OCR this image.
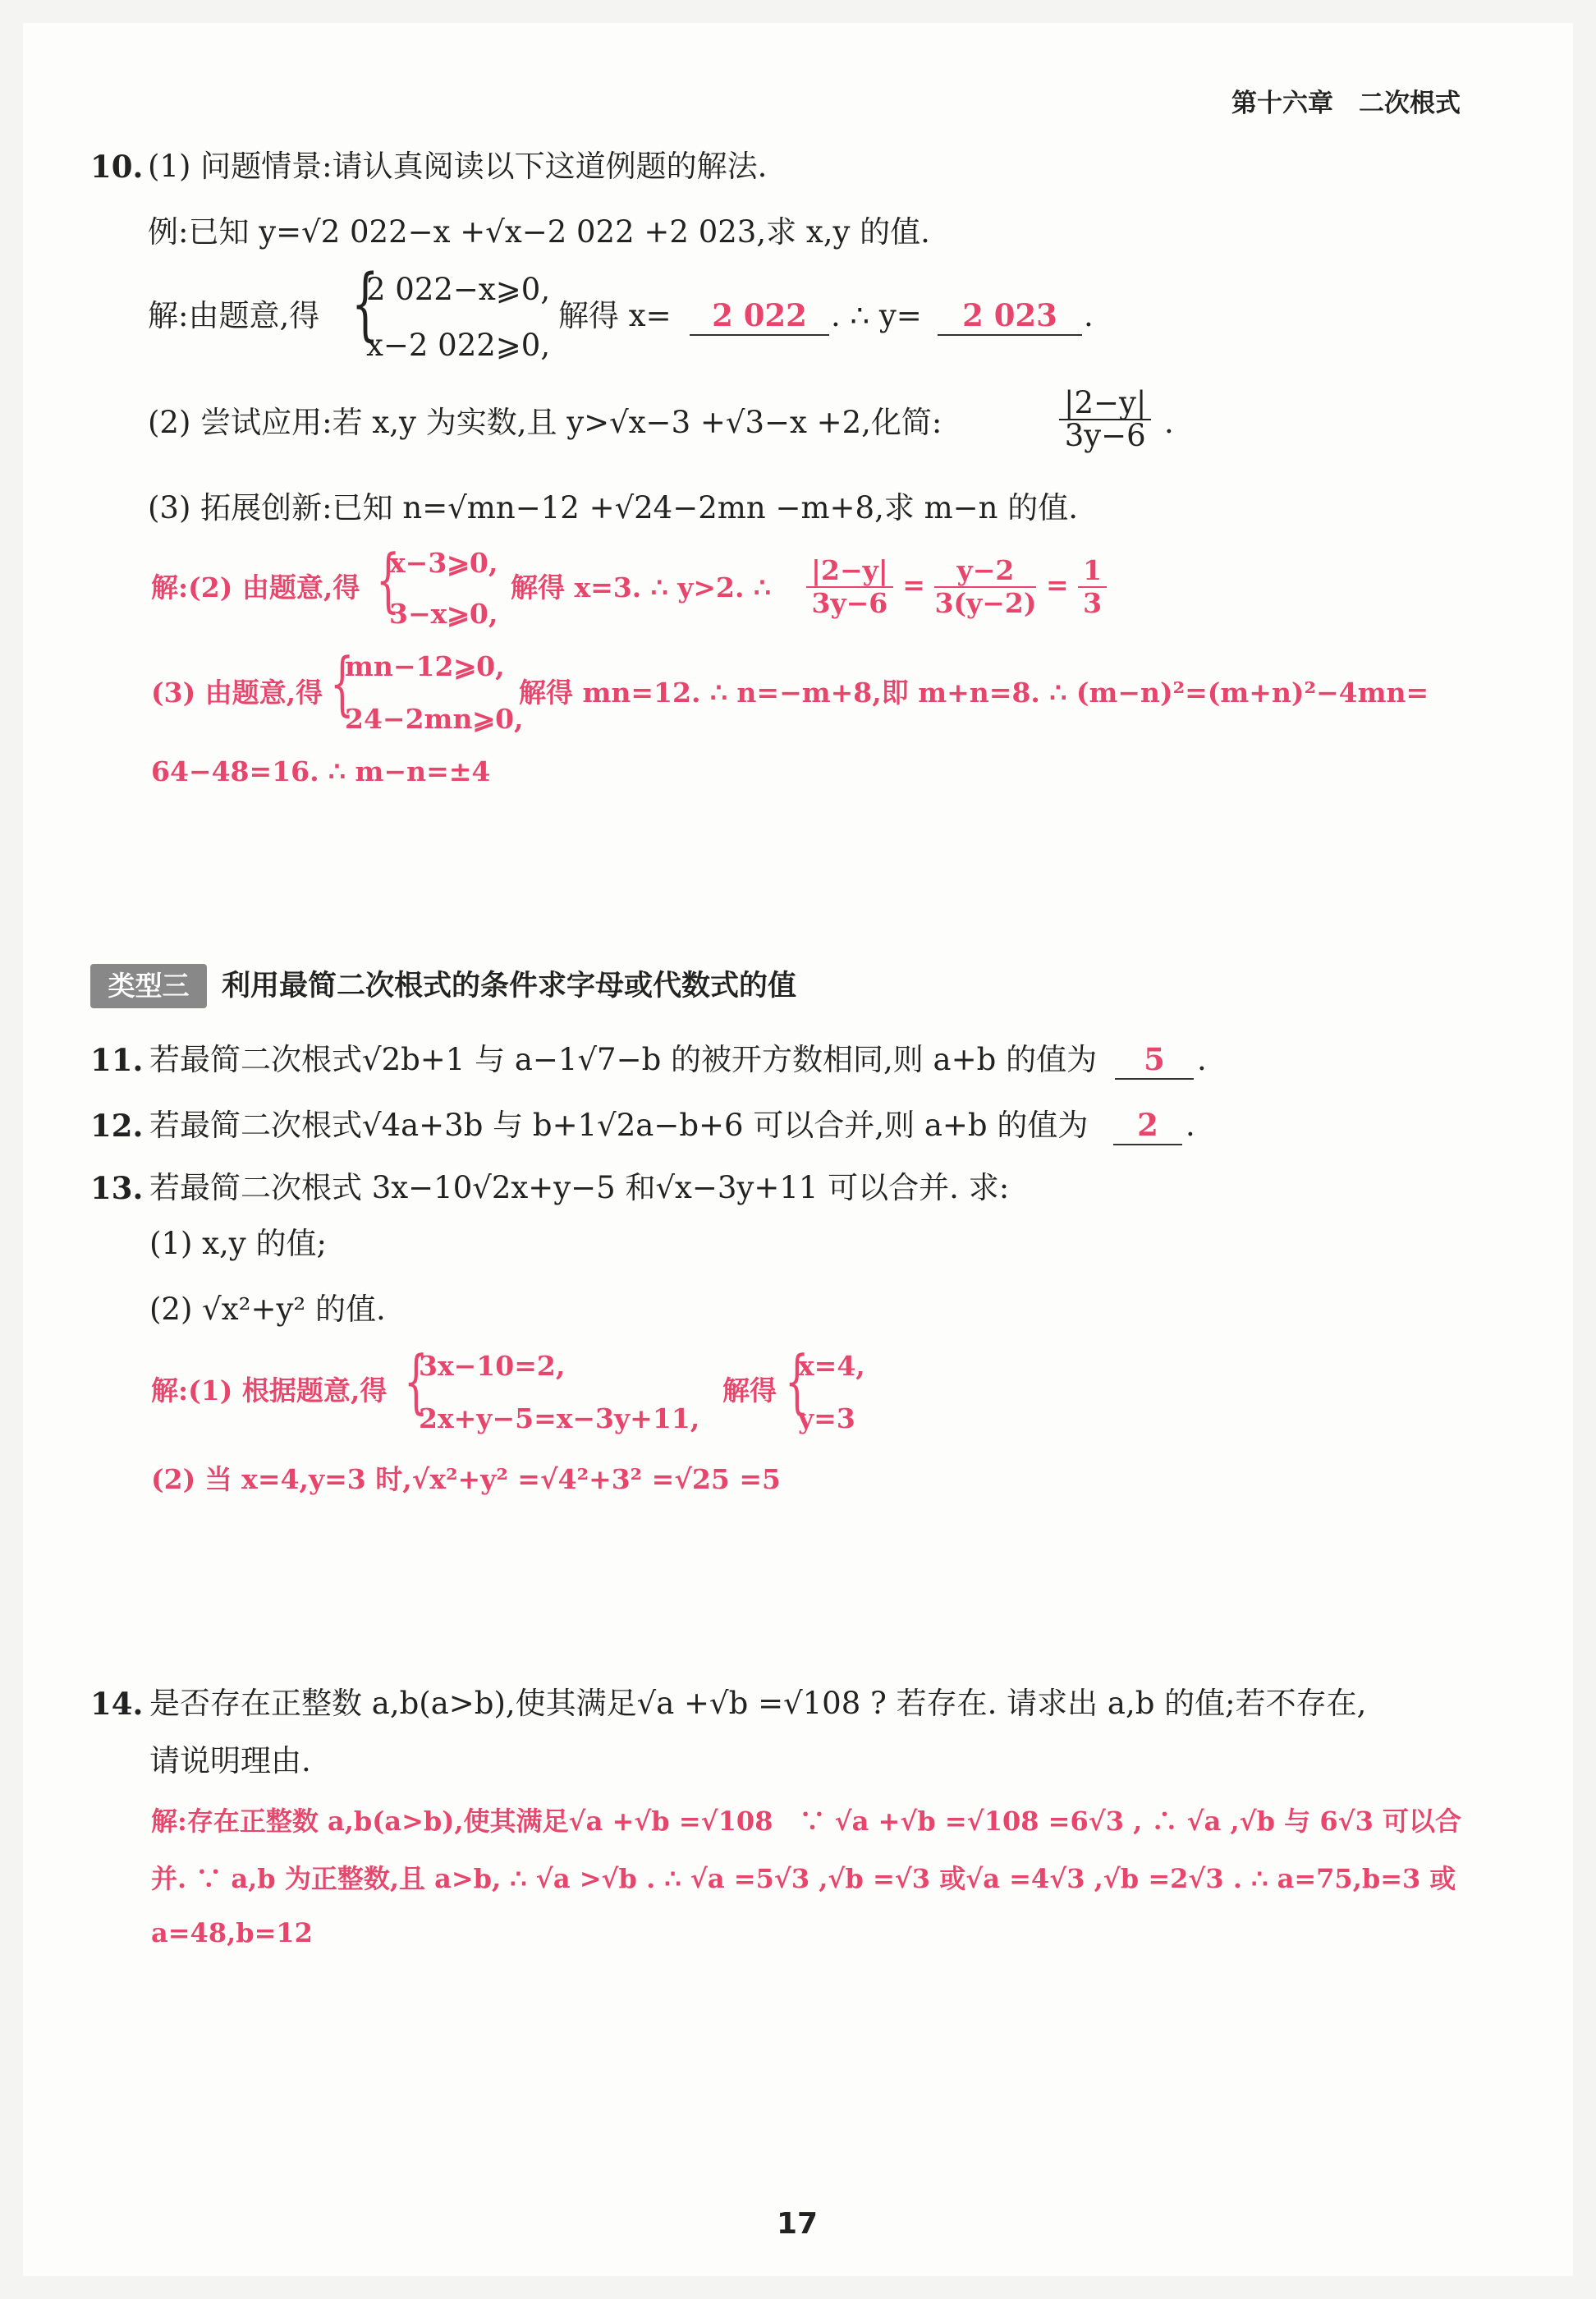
第十六章　二次根式
10. (1) 问题情景:请认真阅读以下这道例题的解法.
例:已知 y=√2 022−x +√x−2 022 +2 023,求 x,y 的值.
解:由题意,得 {
2 022−x⩾0,
x−2 022⩾0,
解得 x=	2 022 . ∴ y=	2 023 .
(2) 尝试应用:若 x,y 为实数,且 y>√x−3 +√3−x +2,化简:	$\frac{|2-y|}{3y-6}$ .
(3) 拓展创新:已知 n=√mn−12 +√24−2mn −m+8,求 m−n 的值.
解:(2) 由题意,得 {
x−3⩾0,
3−x⩾0,
解得 x=3. ∴ y>2. ∴ $\frac{|2-y|}{3y-6} = \frac{y-2}{3(y-2)} = \frac{1}{3}$
(3) 由题意,得 {
mn−12⩾0,
24−2mn⩾0,
解得 mn=12. ∴ n=−m+8,即 m+n=8. ∴ (m−n)²=(m+n)²−4mn=
64−48=16. ∴ m−n=±4
类型三	利用最简二次根式的条件求字母或代数式的值
11. 若最简二次根式√2b+1 与 a−1√7−b 的被开方数相同,则 a+b 的值为	5	.
12. 若最简二次根式√4a+3b 与 b+1√2a−b+6 可以合并,则 a+b 的值为	2 .
13. 若最简二次根式 3x−10√2x+y−5 和√x−3y+11 可以合并. 求:
(1) x,y 的值;
(2) √x²+y² 的值.
解:(1) 根据题意,得 {
3x−10=2,
2x+y−5=x−3y+11,
解得 {
x=4,
y=3
(2) 当 x=4,y=3 时,√x²+y² =√4²+3² =√25 =5
14. 是否存在正整数 a,b(a>b),使其满足√a +√b =√108 ? 若存在. 请求出 a,b 的值;若不存在,
请说明理由.
解:存在正整数 a,b(a>b),使其满足√a +√b =√108　∵ √a +√b =√108 =6√3 , ∴ √a ,√b 与 6√3 可以合
并. ∵ a,b 为正整数,且 a>b, ∴ √a >√b . ∴ √a =5√3 ,√b =√3 或√a =4√3 ,√b =2√3 . ∴ a=75,b=3 或
a=48,b=12
17
